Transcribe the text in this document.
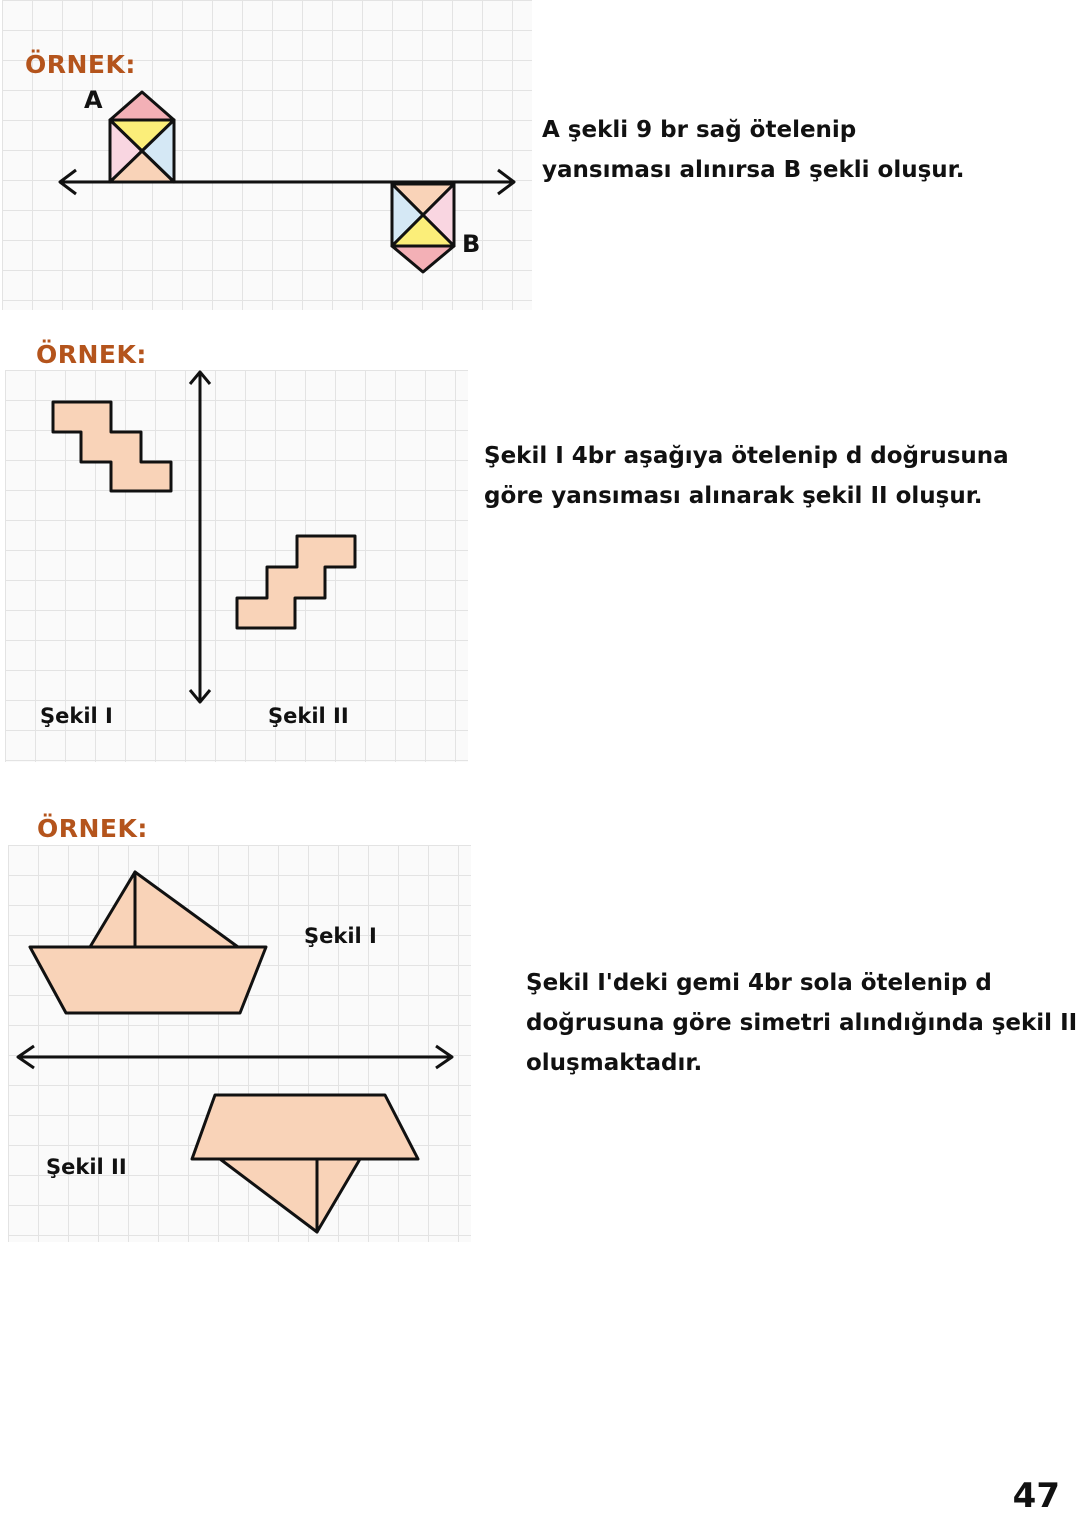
ÖRNEK:
A
B

A şekli 9 br sağ ötelenip
yansıması alınırsa B şekli oluşur.

ÖRNEK:
Şekil I	Şekil II

Şekil I 4br aşağıya ötelenip d doğrusuna
göre yansıması alınarak şekil II oluşur.

ÖRNEK:
Şekil I
Şekil II

Şekil I'deki gemi 4br sola ötelenip d
doğrusuna göre simetri alındığında şekil II
oluşmaktadır.

47
